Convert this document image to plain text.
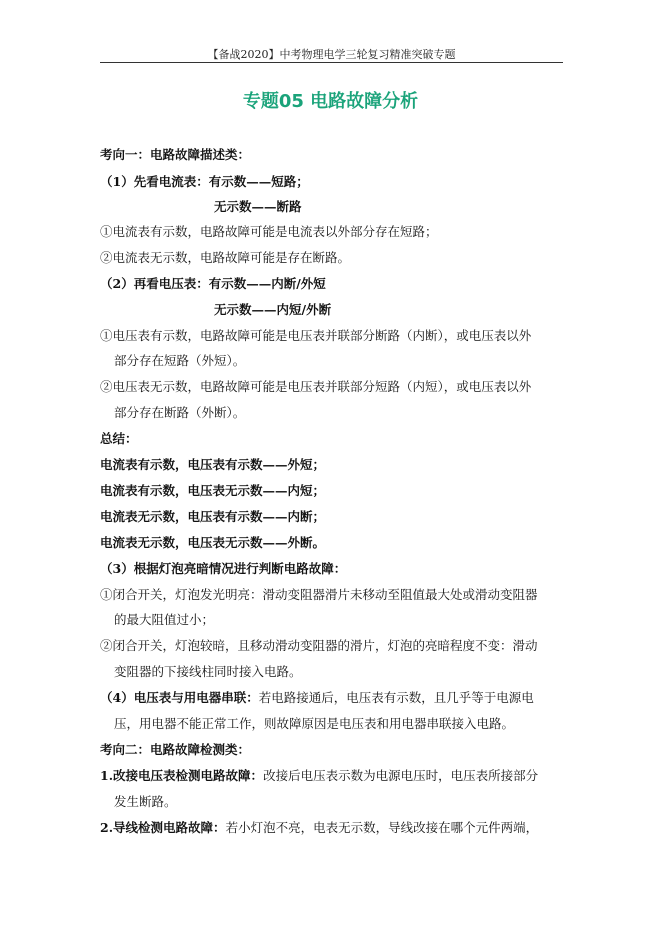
【备战2020】中考物理电学三轮复习精准突破专题
专题05 电路故障分析
考向一：电路故障描述类：
（1）先看电流表：有示数——短路；
无示数——断路
①电流表有示数，电路故障可能是电流表以外部分存在短路；
②电流表无示数，电路故障可能是存在断路。
（2）再看电压表：有示数——内断/外短
无示数——内短/外断
①电压表有示数，电路故障可能是电压表并联部分断路（内断），或电压表以外
部分存在短路（外短）。
②电压表无示数，电路故障可能是电压表并联部分短路（内短），或电压表以外
部分存在断路（外断）。
总结：
电流表有示数，电压表有示数——外短；
电流表有示数，电压表无示数——内短；
电流表无示数，电压表有示数——内断；
电流表无示数，电压表无示数——外断。
（3）根据灯泡亮暗情况进行判断电路故障：
①闭合开关，灯泡发光明亮：滑动变阻器滑片未移动至阻值最大处或滑动变阻器
的最大阻值过小；
②闭合开关，灯泡较暗，且移动滑动变阻器的滑片，灯泡的亮暗程度不变：滑动
变阻器的下接线柱同时接入电路。
（4）电压表与用电器串联：若电路接通后，电压表有示数，且几乎等于电源电
压，用电器不能正常工作，则故障原因是电压表和用电器串联接入电路。
考向二：电路故障检测类：
1.改接电压表检测电路故障：改接后电压表示数为电源电压时，电压表所接部分
发生断路。
2.导线检测电路故障：若小灯泡不亮，电表无示数，导线改接在哪个元件两端，
